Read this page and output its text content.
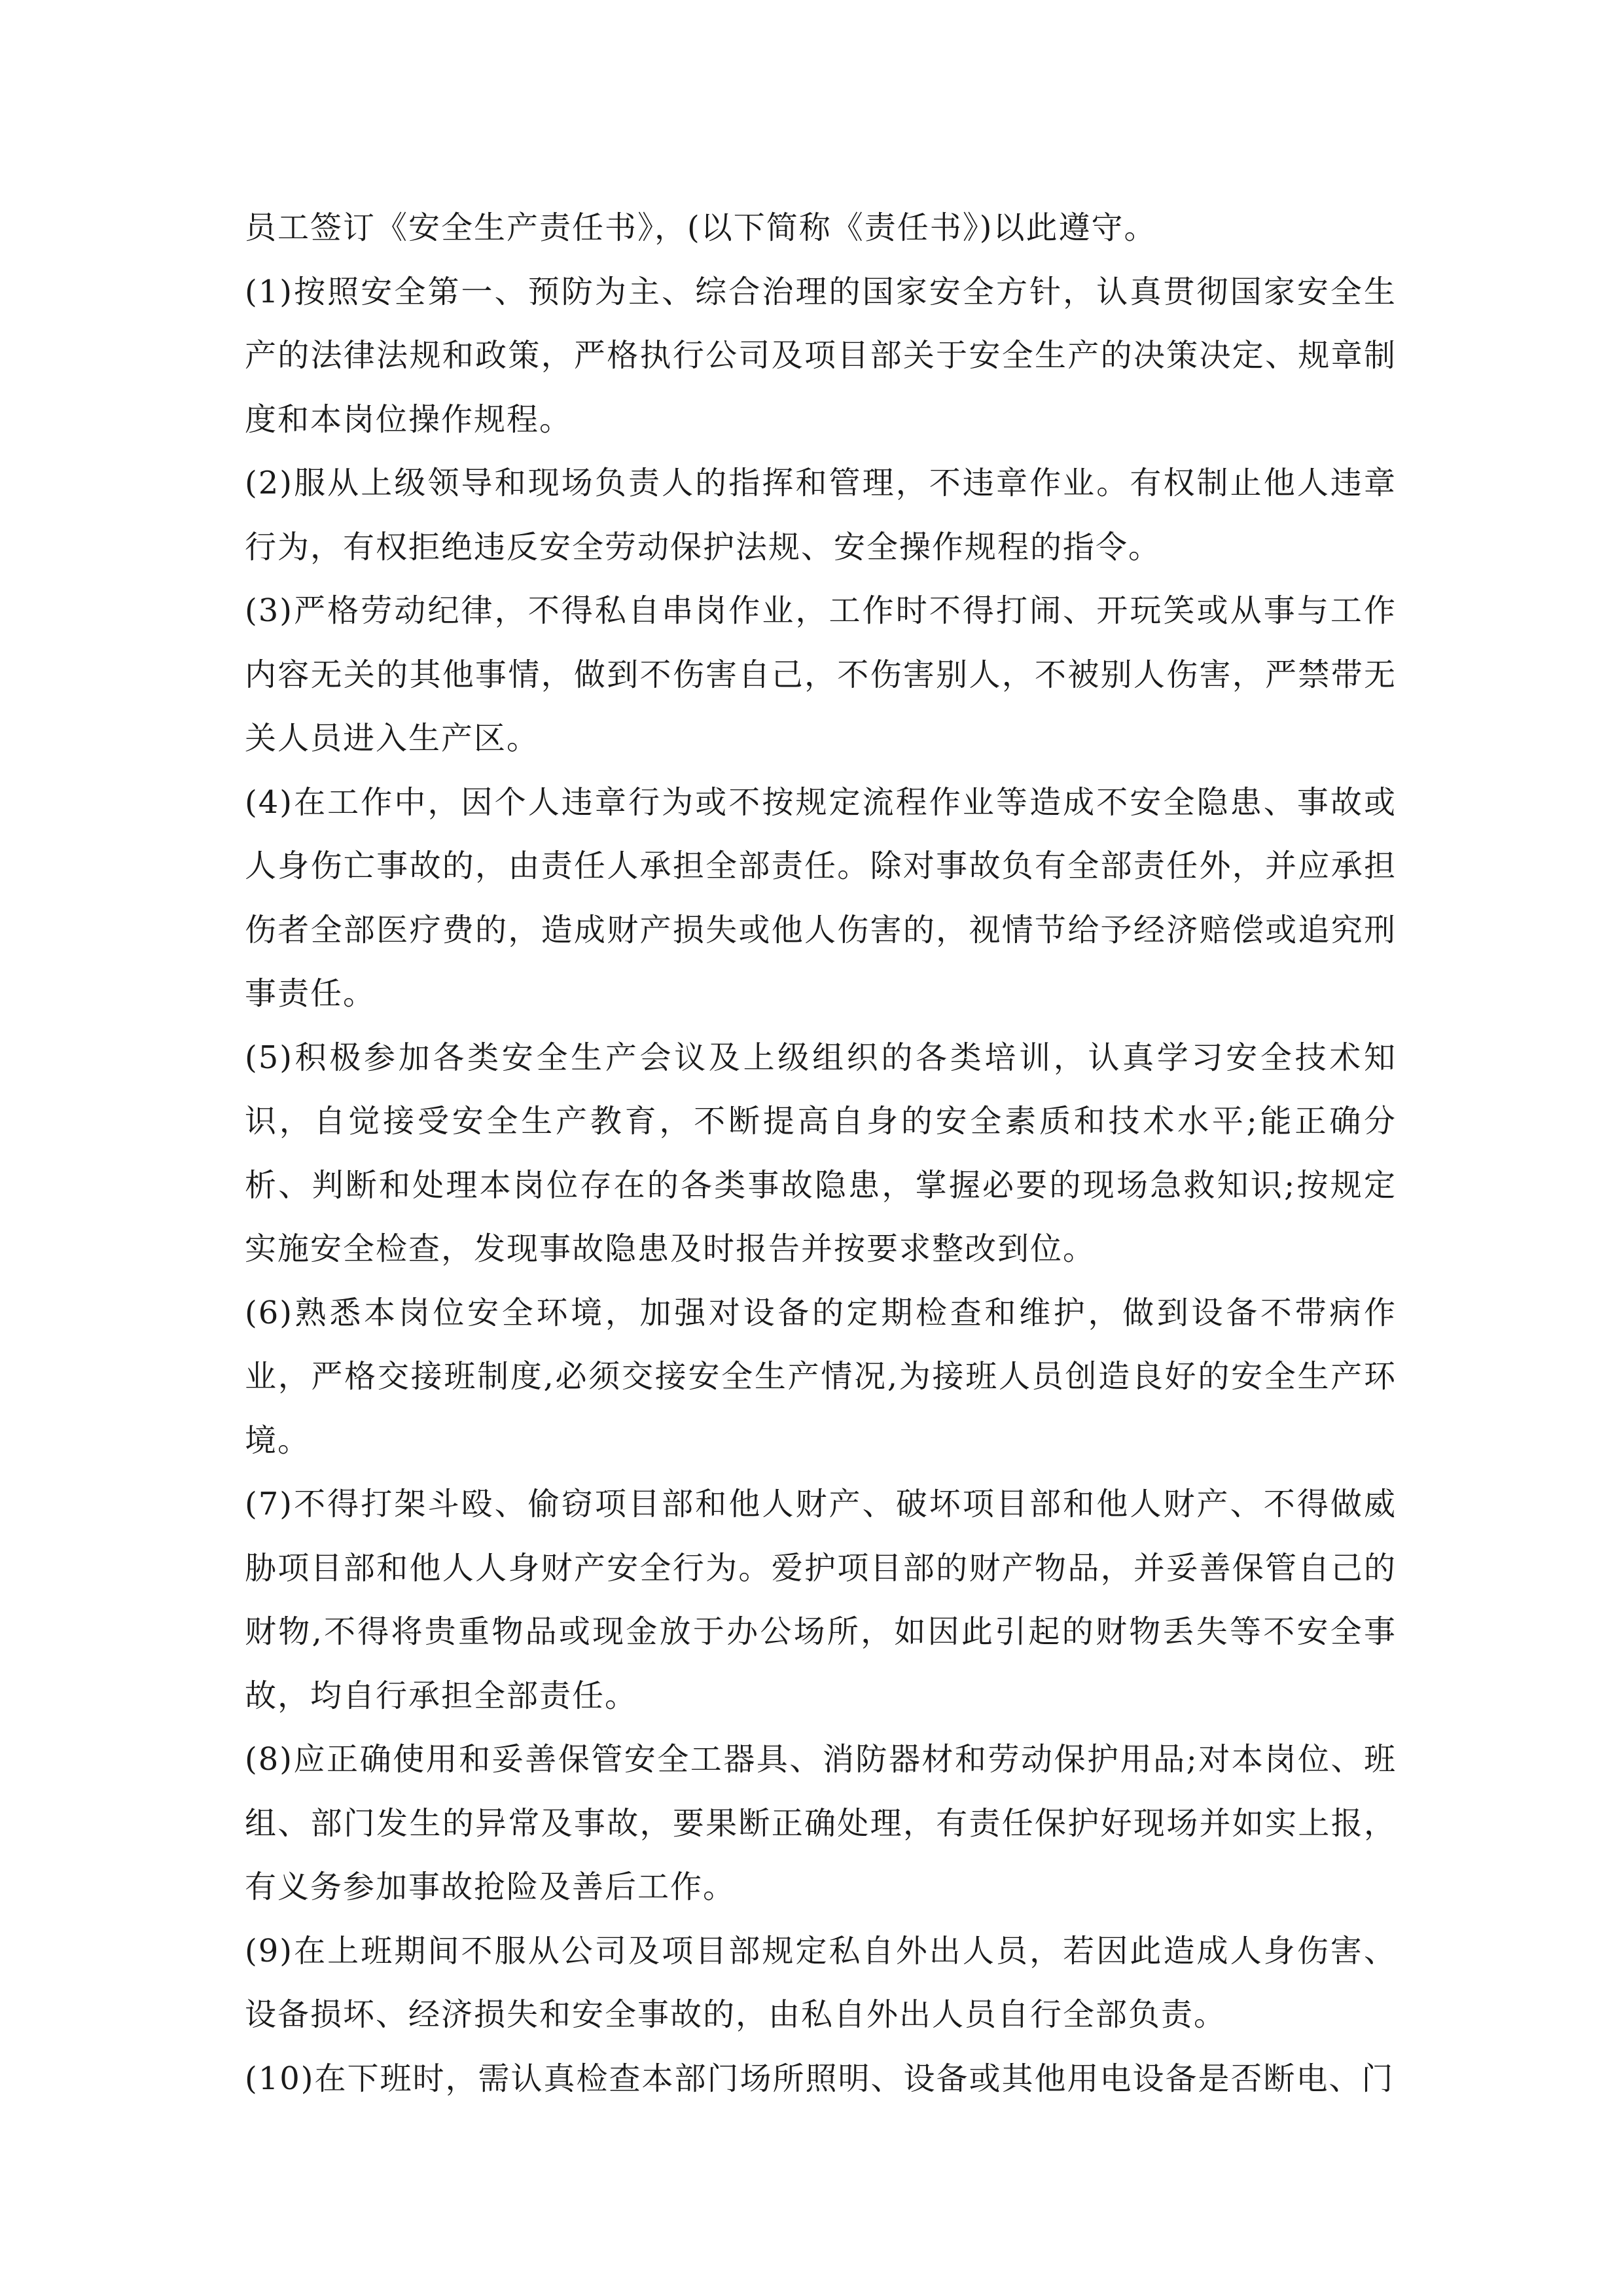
员工签订《安全生产责任书》，(以下简称《责任书》)以此遵守。

(1)按照安全第一、预防为主、综合治理的国家安全方针，认真贯彻国家安全生产的法律法规和政策，严格执行公司及项目部关于安全生产的决策决定、规章制度和本岗位操作规程。

(2)服从上级领导和现场负责人的指挥和管理，不违章作业。有权制止他人违章行为，有权拒绝违反安全劳动保护法规、安全操作规程的指令。

(3)严格劳动纪律，不得私自串岗作业，工作时不得打闹、开玩笑或从事与工作内容无关的其他事情，做到不伤害自己，不伤害别人，不被别人伤害，严禁带无关人员进入生产区。

(4)在工作中，因个人违章行为或不按规定流程作业等造成不安全隐患、事故或人身伤亡事故的，由责任人承担全部责任。除对事故负有全部责任外，并应承担伤者全部医疗费的，造成财产损失或他人伤害的，视情节给予经济赔偿或追究刑事责任。

(5)积极参加各类安全生产会议及上级组织的各类培训，认真学习安全技术知识，自觉接受安全生产教育，不断提高自身的安全素质和技术水平;能正确分析、判断和处理本岗位存在的各类事故隐患，掌握必要的现场急救知识;按规定实施安全检查，发现事故隐患及时报告并按要求整改到位。

(6)熟悉本岗位安全环境，加强对设备的定期检查和维护，做到设备不带病作业，严格交接班制度,必须交接安全生产情况,为接班人员创造良好的安全生产环境。

(7)不得打架斗殴、偷窃项目部和他人财产、破坏项目部和他人财产、不得做威胁项目部和他人人身财产安全行为。爱护项目部的财产物品，并妥善保管自己的财物,不得将贵重物品或现金放于办公场所，如因此引起的财物丢失等不安全事故，均自行承担全部责任。

(8)应正确使用和妥善保管安全工器具、消防器材和劳动保护用品;对本岗位、班组、部门发生的异常及事故，要果断正确处理，有责任保护好现场并如实上报，有义务参加事故抢险及善后工作。

(9)在上班期间不服从公司及项目部规定私自外出人员，若因此造成人身伤害、设备损坏、经济损失和安全事故的，由私自外出人员自行全部负责。

(10)在下班时，需认真检查本部门场所照明、设备或其他用电设备是否断电、门
